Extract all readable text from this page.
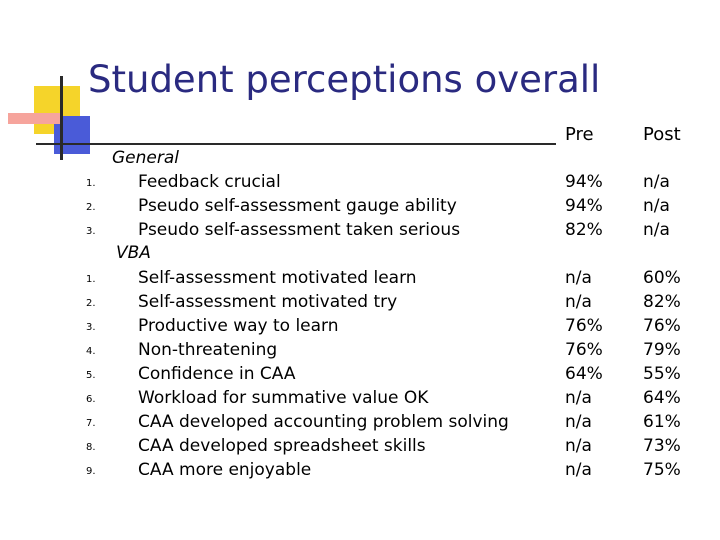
Student perceptions overall
Pre	Post
General
1. Feedback crucial	94% n/a
2. Pseudo self-assessment gauge ability	94% n/a
3. Pseudo self-assessment taken serious	82% n/a
VBA
1. Self-assessment motivated learn	n/a	60%
2. Self-assessment motivated try	n/a	82%
3. Productive way to learn	76% 76%
4. Non-threatening	76% 79%
5. Confidence in CAA	64% 55%
6. Workload for summative value OK	n/a	64%
7. CAA developed accounting problem solving	n/a	61%
8. CAA developed spreadsheet skills	n/a	73%
9. CAA more enjoyable	n/a	75%
